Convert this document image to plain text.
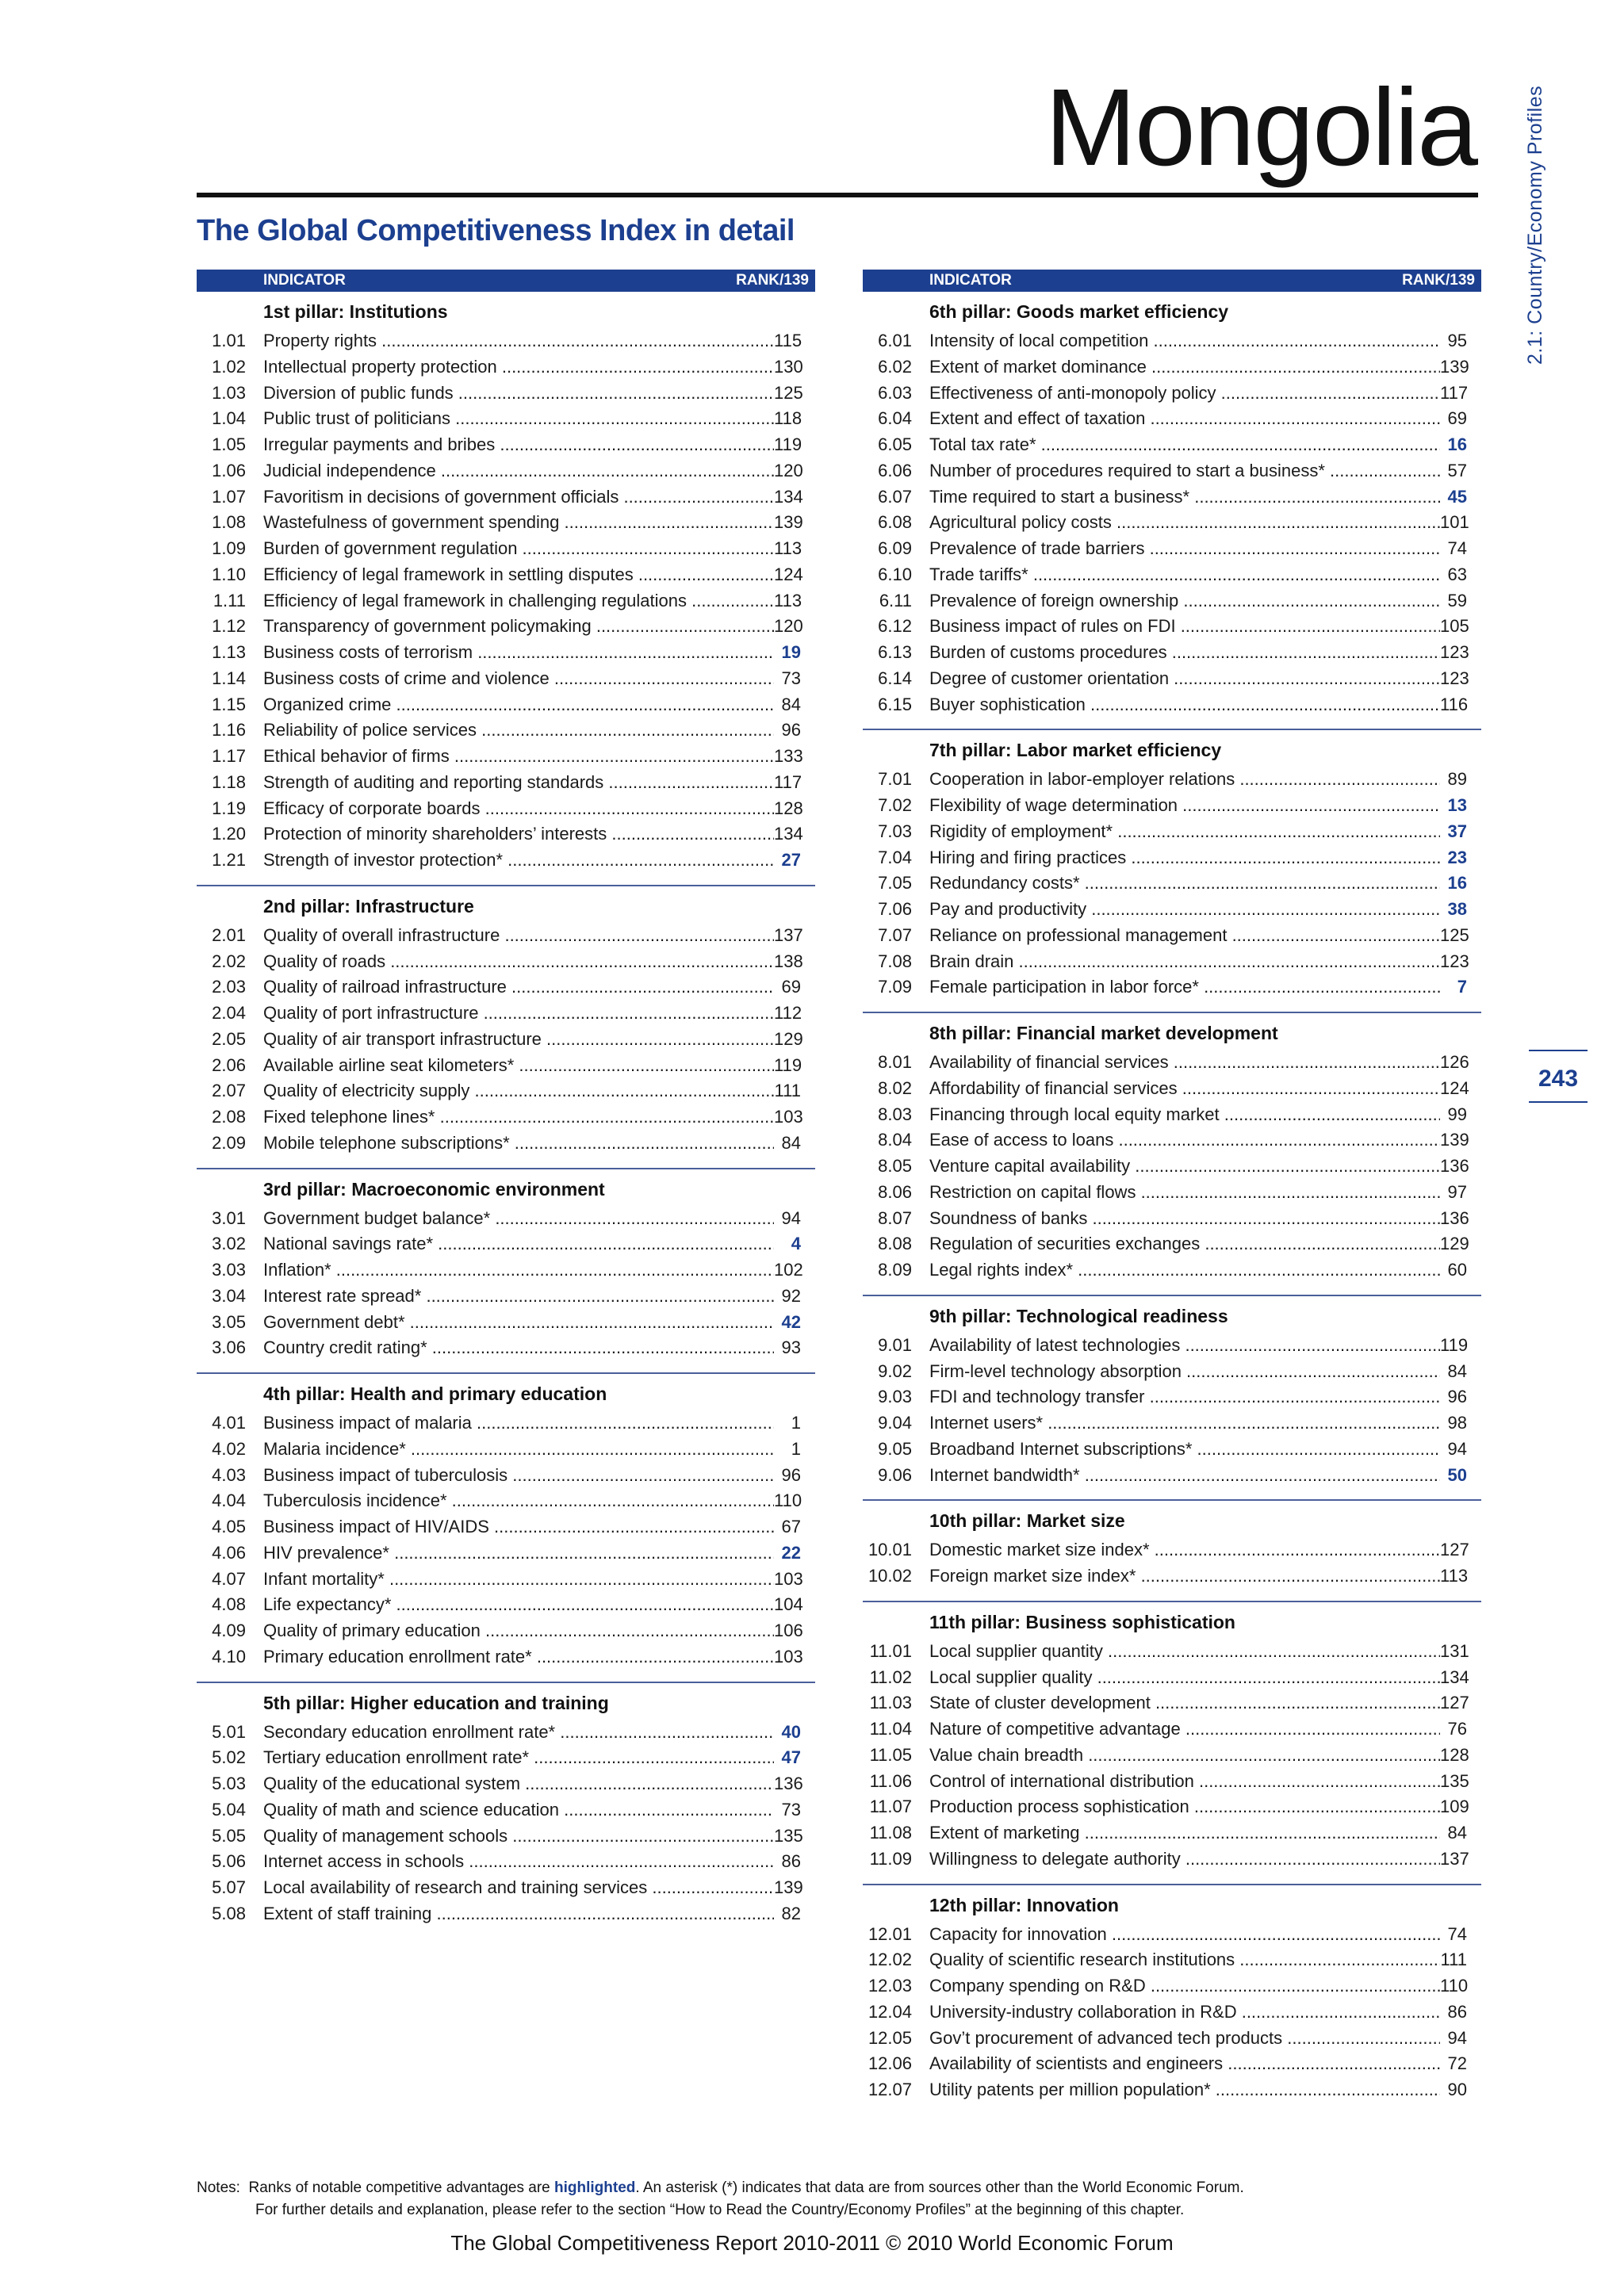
Mongolia 2.1: Country/Economy Profiles
243
The Global Competitiveness Index in detail
INDICATOR	RANK/139
1st pillar: Institutions
1.01 Property rights .....	115
1.02 Intellectual property protection .....	130
1.03 Diversion of public funds .....	125
1.04 Public trust of politicians .....	118
1.05 Irregular payments and bribes .....	119
1.06 Judicial independence .....	120
1.07 Favoritism in decisions of government officials .....	134
1.08 Wastefulness of government spending .....	139
1.09 Burden of government regulation .....	113
1.10 Efficiency of legal framework in settling disputes .....	124
1.11 Efficiency of legal framework in challenging regulations .....	113
1.12 Transparency of government policymaking .....	120
1.13 Business costs of terrorism .....	19
1.14 Business costs of crime and violence .....	73
1.15 Organized crime .....	84
1.16 Reliability of police services .....	96
1.17 Ethical behavior of firms .....	133
1.18 Strength of auditing and reporting standards .....	117
1.19 Efficacy of corporate boards .....	128
1.20 Protection of minority shareholders’ interests .....	134
1.21 Strength of investor protection* .....	27
2nd pillar: Infrastructure
2.01 Quality of overall infrastructure .....	137
2.02 Quality of roads .....	138
2.03 Quality of railroad infrastructure .....	69
2.04 Quality of port infrastructure .....	112
2.05 Quality of air transport infrastructure .....	129
2.06 Available airline seat kilometers* .....	119
2.07 Quality of electricity supply .....	111
2.08 Fixed telephone lines* .....	103
2.09 Mobile telephone subscriptions* .....	84
3rd pillar: Macroeconomic environment
3.01 Government budget balance* .....	94
3.02 National savings rate* .....	4
3.03 Inflation* .....	102
3.04 Interest rate spread* .....	92
3.05 Government debt* .....	42
3.06 Country credit rating* .....	93
4th pillar: Health and primary education
4.01 Business impact of malaria .....	1
4.02 Malaria incidence* .....	1
4.03 Business impact of tuberculosis .....	96
4.04 Tuberculosis incidence* .....	110
4.05 Business impact of HIV/AIDS .....	67
4.06 HIV prevalence* .....	22
4.07 Infant mortality* .....	103
4.08 Life expectancy* .....	104
4.09 Quality of primary education .....	106
4.10 Primary education enrollment rate* .....	103
5th pillar: Higher education and training
5.01 Secondary education enrollment rate* .....	40
5.02 Tertiary education enrollment rate* .....	47
5.03 Quality of the educational system .....	136
5.04 Quality of math and science education .....	73
5.05 Quality of management schools .....	135
5.06 Internet access in schools .....	86
5.07 Local availability of research and training services .....	139
5.08 Extent of staff training .....	82
INDICATOR	RANK/139
6th pillar: Goods market efficiency
6.01 Intensity of local competition .....	95
6.02 Extent of market dominance .....	139
6.03 Effectiveness of anti-monopoly policy .....	117
6.04 Extent and effect of taxation .....	69
6.05 Total tax rate* .....	16
6.06 Number of procedures required to start a business* .....	57
6.07 Time required to start a business* .....	45
6.08 Agricultural policy costs .....	101
6.09 Prevalence of trade barriers .....	74
6.10 Trade tariffs* .....	63
6.11 Prevalence of foreign ownership .....	59
6.12 Business impact of rules on FDI .....	105
6.13 Burden of customs procedures .....	123
6.14 Degree of customer orientation .....	123
6.15 Buyer sophistication .....	116
7th pillar: Labor market efficiency
7.01 Cooperation in labor-employer relations .....	89
7.02 Flexibility of wage determination .....	13
7.03 Rigidity of employment* .....	37
7.04 Hiring and firing practices .....	23
7.05 Redundancy costs* .....	16
7.06 Pay and productivity .....	38
7.07 Reliance on professional management .....	125
7.08 Brain drain .....	123
7.09 Female participation in labor force* .....	7
8th pillar: Financial market development
8.01 Availability of financial services .....	126
8.02 Affordability of financial services .....	124
8.03 Financing through local equity market .....	99
8.04 Ease of access to loans .....	139
8.05 Venture capital availability .....	136
8.06 Restriction on capital flows .....	97
8.07 Soundness of banks .....	136
8.08 Regulation of securities exchanges .....	129
8.09 Legal rights index* .....	60
9th pillar: Technological readiness
9.01 Availability of latest technologies .....	119
9.02 Firm-level technology absorption .....	84
9.03 FDI and technology transfer .....	96
9.04 Internet users* .....	98
9.05 Broadband Internet subscriptions* .....	94
9.06 Internet bandwidth* .....	50
10th pillar: Market size
10.01 Domestic market size index* .....	127
10.02 Foreign market size index* .....	113
11th pillar: Business sophistication
11.01 Local supplier quantity .....	131
11.02 Local supplier quality .....	134
11.03 State of cluster development .....	127
11.04 Nature of competitive advantage .....	76
11.05 Value chain breadth .....	128
11.06 Control of international distribution .....	135
11.07 Production process sophistication .....	109
11.08 Extent of marketing .....	84
11.09 Willingness to delegate authority .....	137
12th pillar: Innovation
12.01 Capacity for innovation .....	74
12.02 Quality of scientific research institutions .....	111
12.03 Company spending on R&D .....	110
12.04 University-industry collaboration in R&D .....	86
12.05 Gov’t procurement of advanced tech products .....	94
12.06 Availability of scientists and engineers .....	72
12.07 Utility patents per million population* .....	90
Notes: Ranks of notable competitive advantages are highlighted. An asterisk (*) indicates that data are from sources other than the World Economic Forum.
For further details and explanation, please refer to the section “How to Read the Country/Economy Profiles” at the beginning of this chapter.
The Global Competitiveness Report 2010-2011 © 2010 World Economic Forum
